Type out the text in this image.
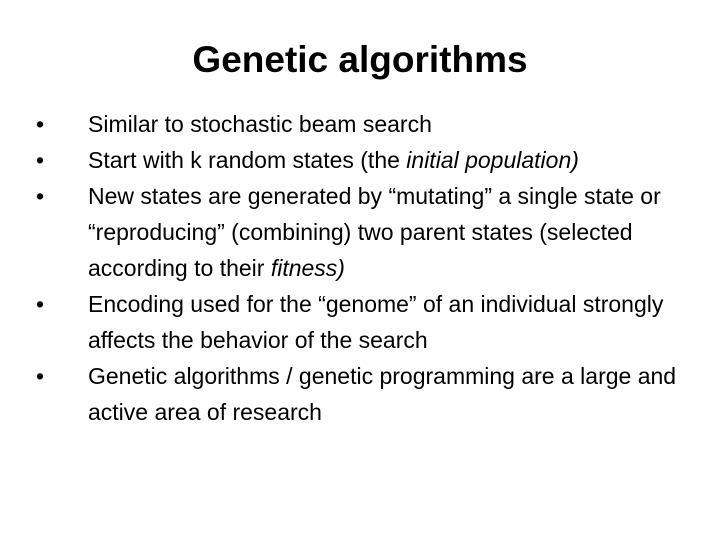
Genetic algorithms
•	Similar to stochastic beam search
•	Start with k random states (the initial population)
•	New states are generated by “mutating” a single state or “reproducing” (combining) two parent states (selected according to their fitness)
•	Encoding used for the “genome” of an individual strongly affects the behavior of the search
•	Genetic algorithms / genetic programming are a large and active area of research
